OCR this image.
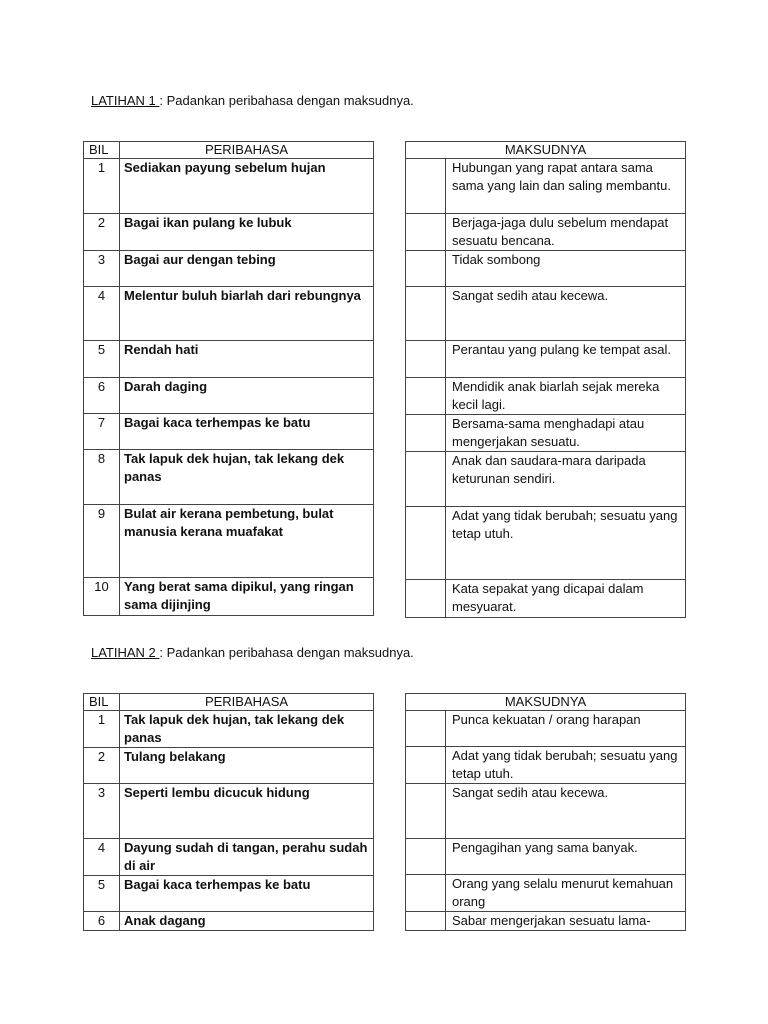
LATIHAN 1 : Padankan peribahasa dengan maksudnya.
BIL	PERIBAHASA
1	Sediakan payung sebelum hujan
2	Bagai ikan pulang ke lubuk
3	Bagai aur dengan tebing
4	Melentur buluh biarlah dari rebungnya
5	Rendah hati
6	Darah daging
7	Bagai kaca terhempas ke batu
8	Tak lapuk dek hujan, tak lekang dek panas
9	Bulat air kerana pembetung, bulat manusia kerana muafakat
10	Yang berat sama dipikul, yang ringan sama dijinjing
MAKSUDNYA	
	Hubungan yang rapat antara sama sama yang lain dan saling membantu.
	Berjaga-jaga dulu sebelum mendapat sesuatu bencana.
	Tidak sombong
	Sangat sedih atau kecewa.
	Perantau yang pulang ke tempat asal.
	Mendidik anak biarlah sejak mereka kecil lagi.
	Bersama-sama menghadapi atau mengerjakan sesuatu.
	Anak dan saudara-mara daripada keturunan sendiri.
	Adat yang tidak berubah; sesuatu yang tetap utuh.
	Kata sepakat yang dicapai dalam mesyuarat.
LATIHAN 2 : Padankan peribahasa dengan maksudnya.
BIL	PERIBAHASA
1	Tak lapuk dek hujan, tak lekang dek panas
2	Tulang belakang
3	Seperti lembu dicucuk hidung
4	Dayung sudah di tangan, perahu sudah di air
5	Bagai kaca terhempas ke batu
6	Anak dagang
MAKSUDNYA	
	Punca kekuatan / orang harapan
	Adat yang tidak berubah; sesuatu yang tetap utuh.
	Sangat sedih atau kecewa.
	Pengagihan yang sama banyak.
	Orang yang selalu menurut kemahuan orang
	Sabar mengerjakan sesuatu lama-
